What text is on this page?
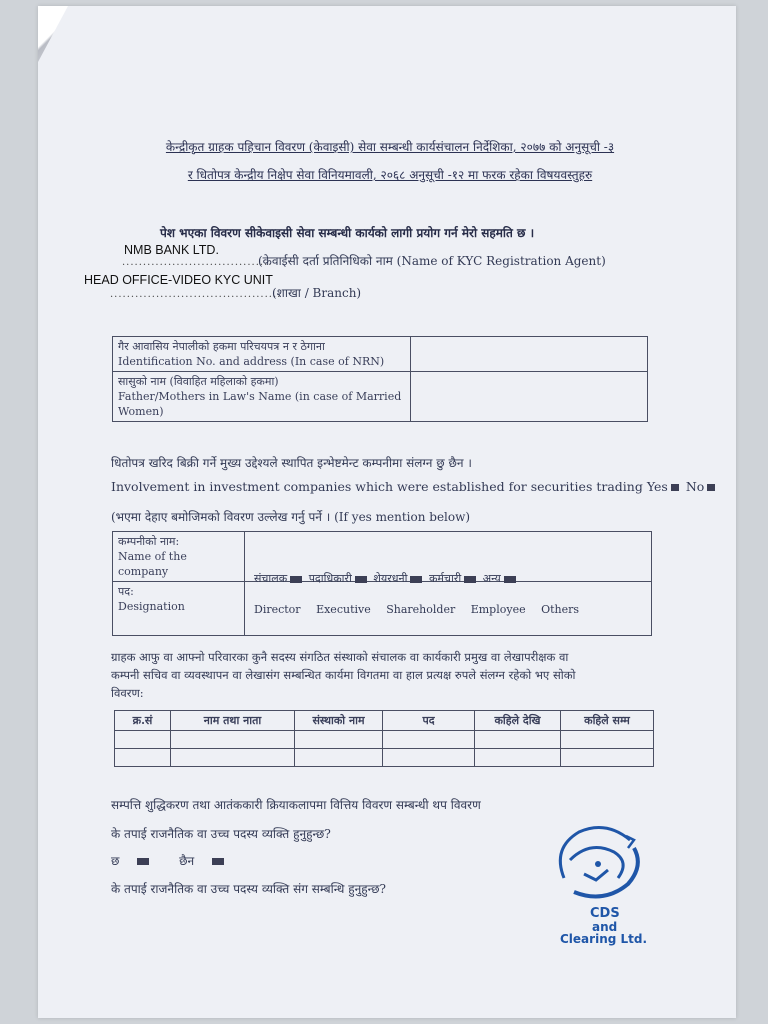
केन्द्रीकृत ग्राहक पहिचान विवरण (केवाइसी) सेवा सम्बन्धी कार्यसंचालन निर्देशिका, २०७७ को अनुसूची -३
र धितोपत्र केन्द्रीय निक्षेप सेवा विनियमावली, २०६८ अनुसूची -१२ मा फरक रहेका विषयवस्तुहरु
पेश भएका विवरण सीकेवाइसी सेवा सम्बन्धी कार्यको लागी प्रयोग गर्न मेरो सहमति छ ।
NMB BANK LTD.
....................................
(केवाईसी दर्ता प्रतिनिधिको नाम (Name of KYC Registration Agent)
HEAD OFFICE-VIDEO KYC UNIT
.........................................
(शाखा / Branch)
गैर आवासिय नेपालीको हकमा परिचयपत्र न र ठेगाना
Identification No. and address (In case of NRN)	

सासुको नाम (विवाहित महिलाको हकमा)
Father/Mothers in Law's Name (in case of Married Women)	

धितोपत्र खरिद बिक्री गर्ने मुख्य उद्देश्यले स्थापित इन्भेष्टमेन्ट कम्पनीमा संलग्न छु छैन ।
Involvement in investment companies which were established for securities trading Yes No
(भएमा देहाए बमोजिमको विवरण उल्लेख गर्नु पर्ने । (If yes mention below)
कम्पनीको नाम:
Name of the company	

पद:
Designation	

संचालक पदाधिकारी शेयरधनी कर्मचारी अन्य
Director Executive Shareholder Employee Others
ग्राहक आफु वा आफ्नो परिवारका कुनै सदस्य संगठित संस्थाको संचालक वा कार्यकारी प्रमुख वा लेखापरीक्षक वा
कम्पनी सचिव वा व्यवस्थापन वा लेखासंग सम्बन्धित कार्यमा विगतमा वा हाल प्रत्यक्ष रुपले संलग्न रहेको भए सोको
विवरण:
क्र.सं	नाम तथा नाता	संस्थाको नाम	पद	कहिले देखि	कहिले सम्म

सम्पत्ति शुद्धिकरण तथा आतंककारी क्रियाकलापमा वित्तिय विवरण सम्बन्धी थप विवरण
के तपाई राजनैतिक वा उच्च पदस्य व्यक्ति हुनुहुन्छ?
छ	छैन
के तपाई राजनैतिक वा उच्च पदस्य व्यक्ति संग सम्बन्धि हुनुहुन्छ?
CDS
and
Clearing Ltd.
